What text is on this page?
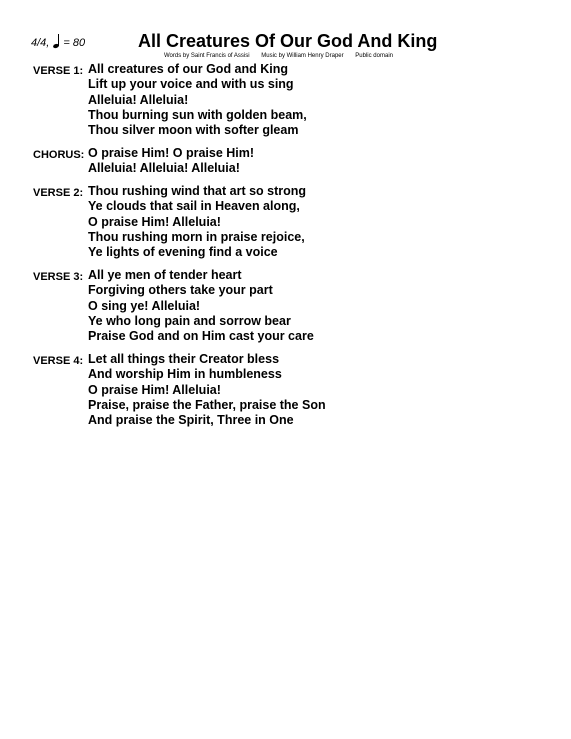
4/4, = 80	All Creatures Of Our God And King
Words by Saint Francis of Assisi Music by William Henry Draper Public domain
VERSE 1: All creatures of our God and King
Lift up your voice and with us sing
Alleluia! Alleluia!
Thou burning sun with golden beam,
Thou silver moon with softer gleam
CHORUS: O praise Him! O praise Him!
Alleluia! Alleluia! Alleluia!
VERSE 2: Thou rushing wind that art so strong
Ye clouds that sail in Heaven along,
O praise Him! Alleluia!
Thou rushing morn in praise rejoice,
Ye lights of evening find a voice
VERSE 3: All ye men of tender heart
Forgiving others take your part
O sing ye! Alleluia!
Ye who long pain and sorrow bear
Praise God and on Him cast your care
VERSE 4: Let all things their Creator bless
And worship Him in humbleness
O praise Him! Alleluia!
Praise, praise the Father, praise the Son
And praise the Spirit, Three in One
